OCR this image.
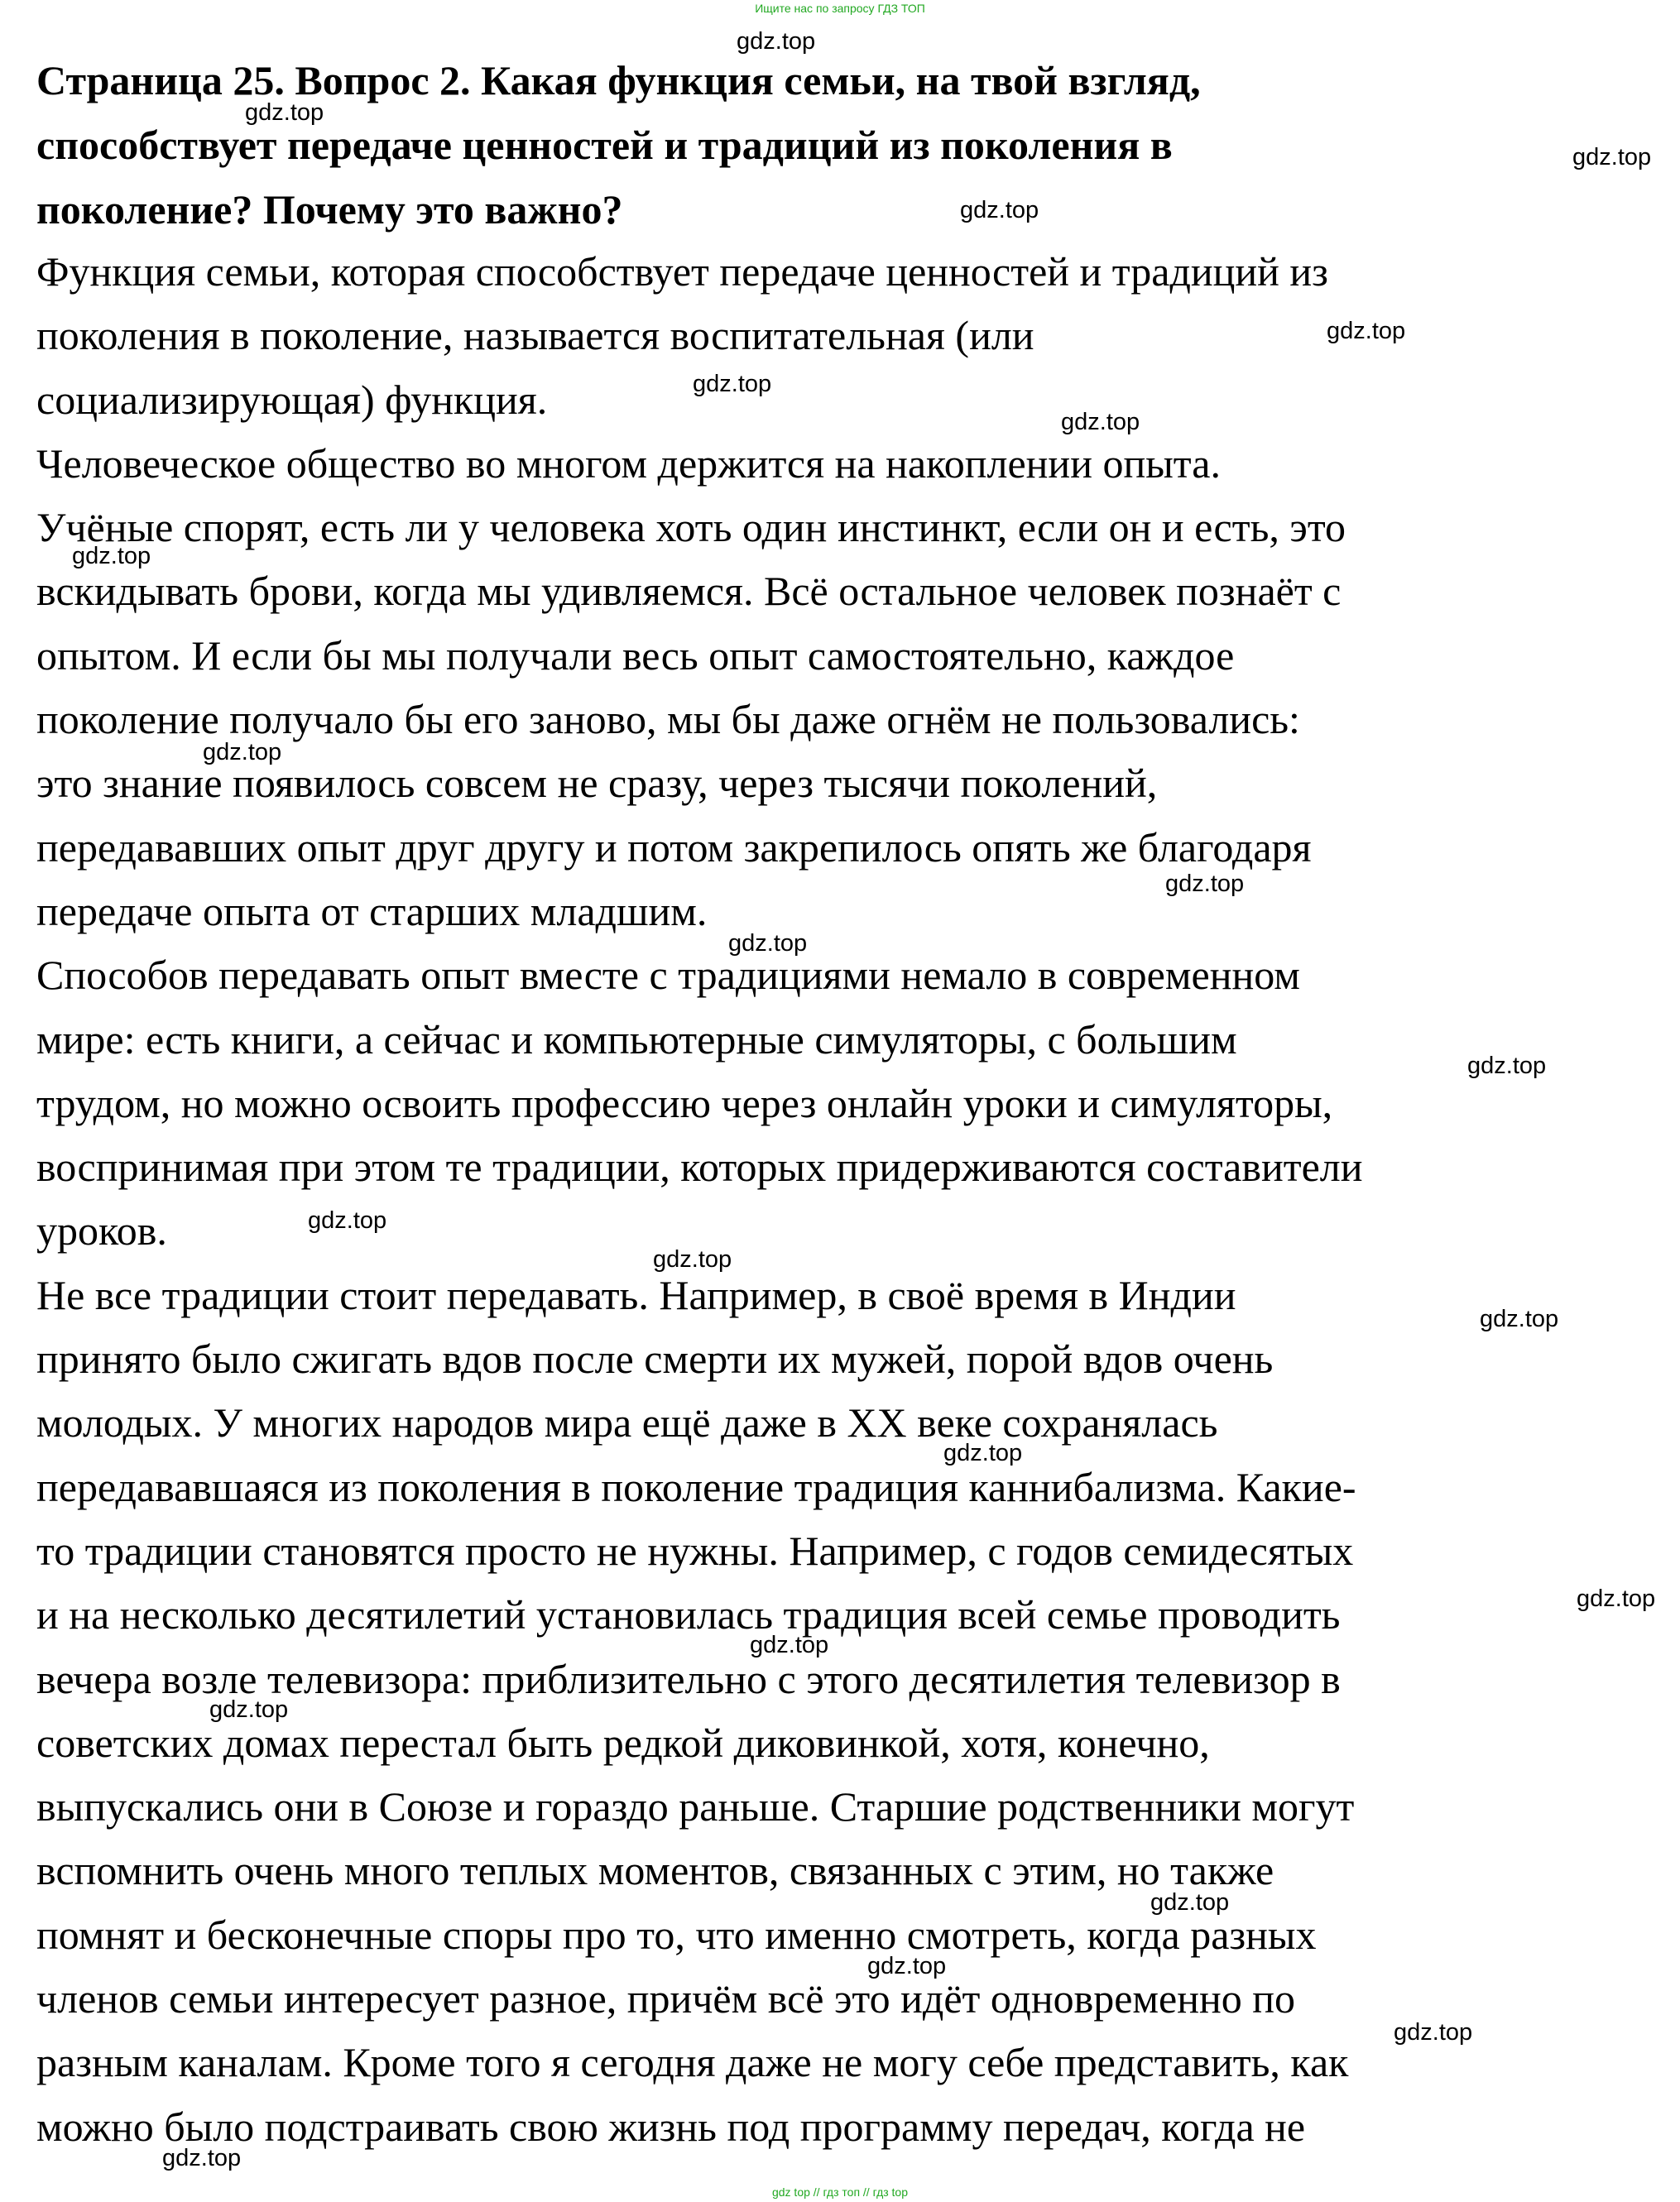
Ищите нас по запросу ГДЗ ТОП
Страница 25. Вопрос 2. Какая функция семьи, на твой взгляд,
способствует передаче ценностей и традиций из поколения в
поколение? Почему это важно?
Функция семьи, которая способствует передаче ценностей и традиций из
поколения в поколение, называется воспитательная (или
социализирующая) функция.
Человеческое общество во многом держится на накоплении опыта.
Учёные спорят, есть ли у человека хоть один инстинкт, если он и есть, это
вскидывать брови, когда мы удивляемся. Всё остальное человек познаёт с
опытом. И если бы мы получали весь опыт самостоятельно, каждое
поколение получало бы его заново, мы бы даже огнём не пользовались:
это знание появилось совсем не сразу, через тысячи поколений,
передававших опыт друг другу и потом закрепилось опять же благодаря
передаче опыта от старших младшим.
Способов передавать опыт вместе с традициями немало в современном
мире: есть книги, а сейчас и компьютерные симуляторы, с большим
трудом, но можно освоить профессию через онлайн уроки и симуляторы,
воспринимая при этом те традиции, которых придерживаются составители
уроков.
Не все традиции стоит передавать. Например, в своё время в Индии
принято было сжигать вдов после смерти их мужей, порой вдов очень
молодых. У многих народов мира ещё даже в XX веке сохранялась
передававшаяся из поколения в поколение традиция каннибализма. Какие-
то традиции становятся просто не нужны. Например, с годов семидесятых
и на несколько десятилетий установилась традиция всей семье проводить
вечера возле телевизора: приблизительно с этого десятилетия телевизор в
советских домах перестал быть редкой диковинкой, хотя, конечно,
выпускались они в Союзе и гораздо раньше. Старшие родственники могут
вспомнить очень много теплых моментов, связанных с этим, но также
помнят и бесконечные споры про то, что именно смотреть, когда разных
членов семьи интересует разное, причём всё это идёт одновременно по
разным каналам. Кроме того я сегодня даже не могу себе представить, как
можно было подстраивать свою жизнь под программу передач, когда не
gdz.top
gdz.top
gdz.top
gdz.top
gdz.top
gdz.top
gdz.top
gdz.top
gdz.top
gdz.top
gdz.top
gdz.top
gdz.top
gdz.top
gdz.top
gdz.top
gdz.top
gdz.top
gdz.top
gdz.top
gdz.top
gdz.top
gdz.top
gdz top // гдз топ // гдз top
